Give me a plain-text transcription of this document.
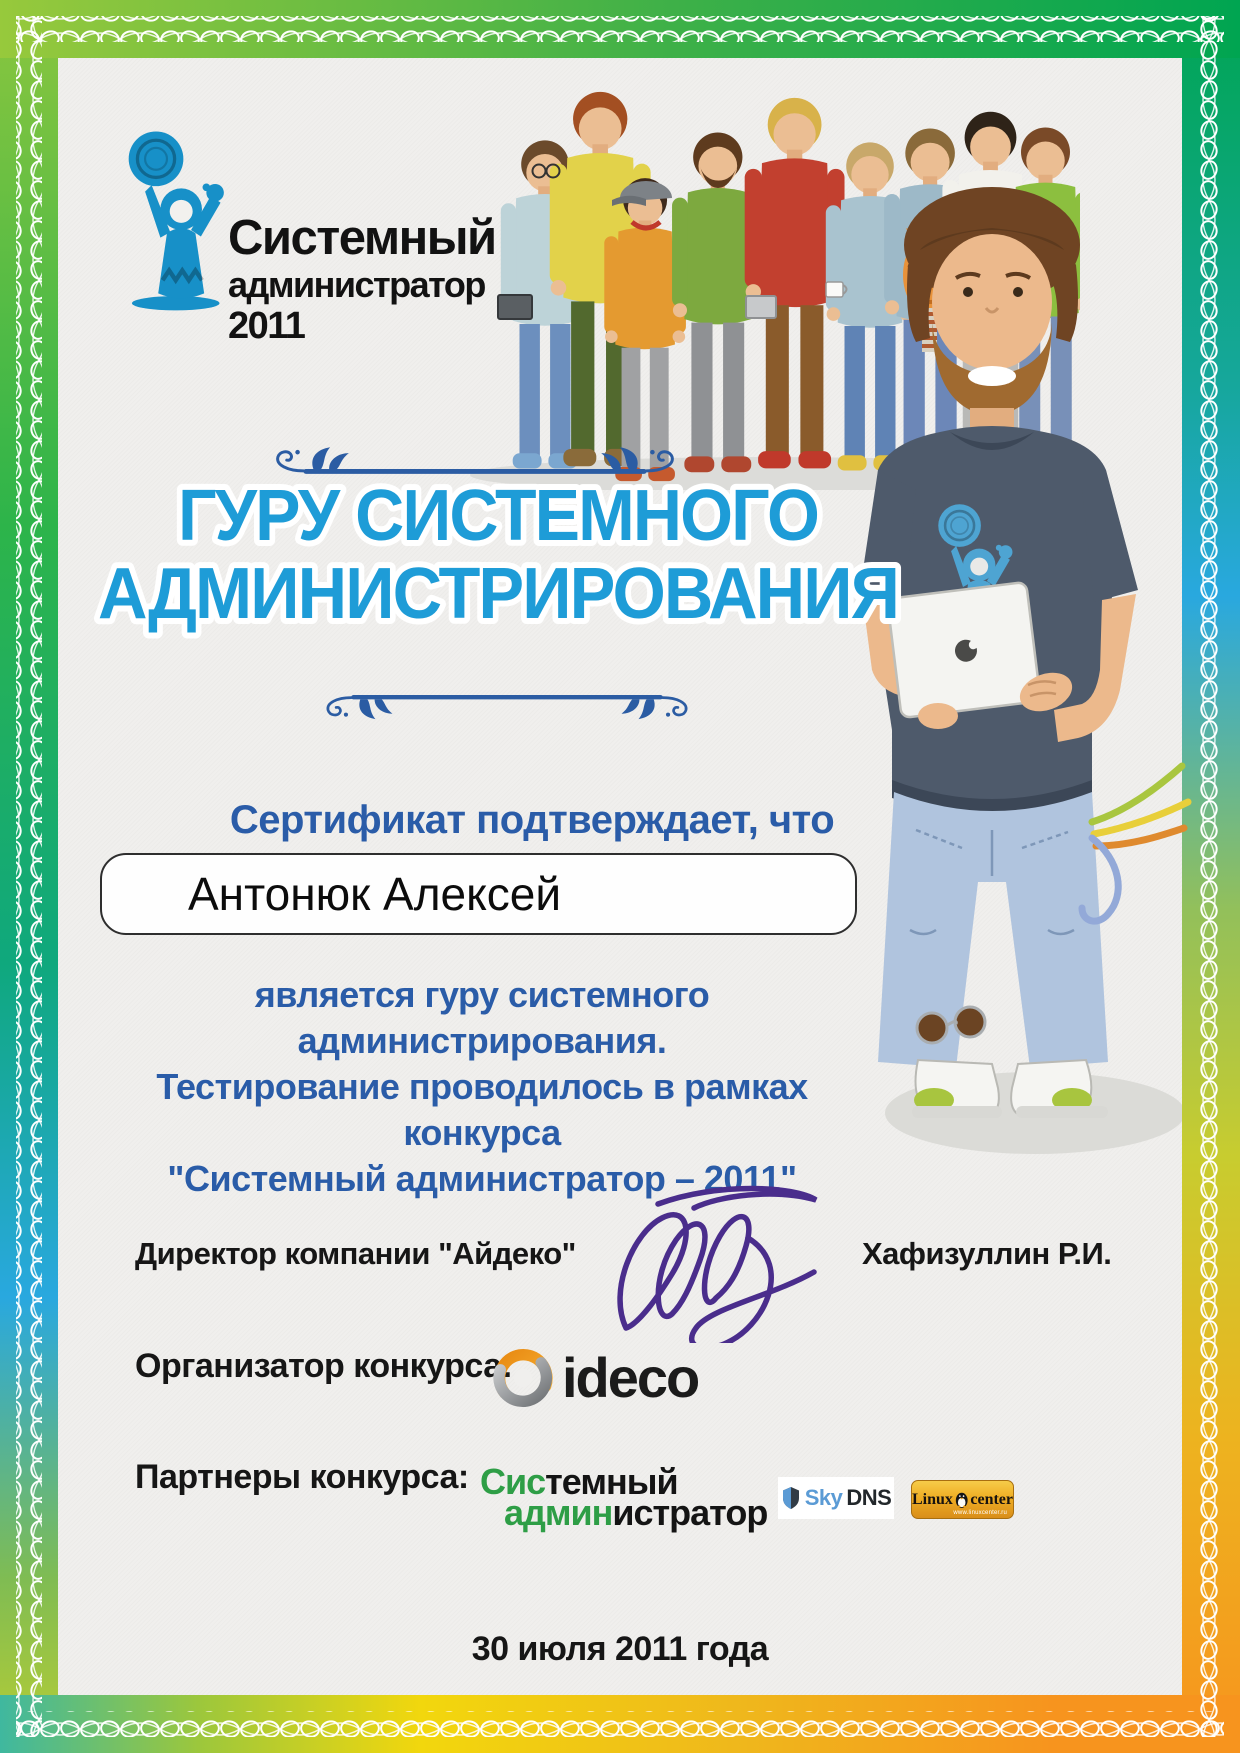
Системный
администратор
2011
ГУРУ СИСТЕМНОГО
АДМИНИСТРИРОВАНИЯ
Сертификат подтверждает, что
Антонюк Алексей
является гуру системного администрирования.
Тестирование проводилось в рамках конкурса
"Системный администратор – 2011"
Директор компании "Айдеко"	Хафизуллин Р.И.
Организатор конкурса: ideco
Партнеры конкурса: Системный
администратор Sky DNS Linux center
www.linuxcenter.ru
30 июля 2011 года
